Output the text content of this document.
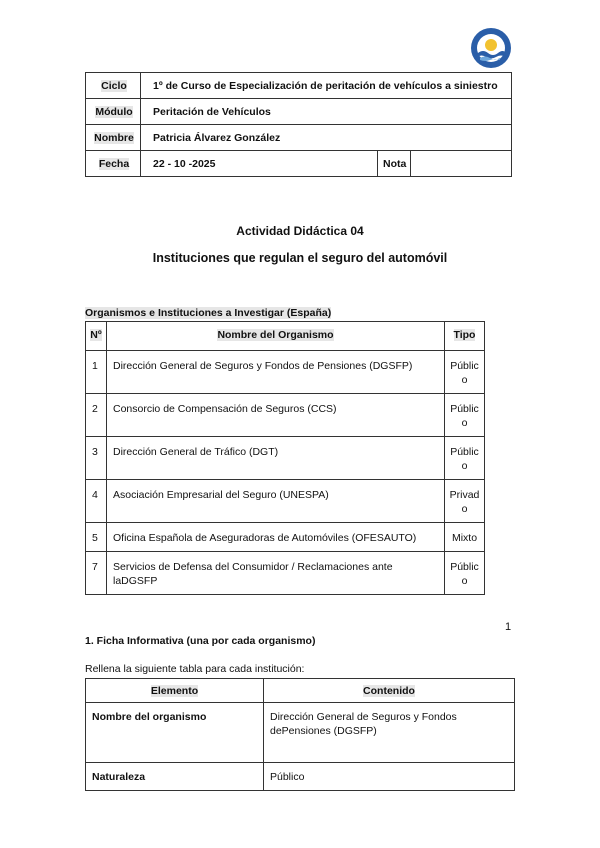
Ciclo	1º de Curso de Especialización de peritación de vehículos a siniestro		
Módulo	Peritación de Vehículos		
Nombre	Patricia Álvarez González		
Fecha	22 - 10 -2025	Nota	
Actividad Didáctica 04
Instituciones que regulan el seguro del automóvil
Organismos e Instituciones a Investigar (España)
Nº	Nombre del Organismo	Tipo
1	Dirección General de Seguros y Fondos de Pensiones (DGSFP)	Público
2	Consorcio de Compensación de Seguros (CCS)	Público
3	Dirección General de Tráfico (DGT)	Público
4	Asociación Empresarial del Seguro (UNESPA)	Privado
5	Oficina Española de Aseguradoras de Automóviles (OFESAUTO)	Mixto
7	Servicios de Defensa del Consumidor / Reclamaciones ante laDGSFP	Público
1
1. Ficha Informativa (una por cada organismo)
Rellena la siguiente tabla para cada institución:
Elemento	Contenido
Nombre del organismo	Dirección General de Seguros y Fondos dePensiones (DGSFP)
Naturaleza	Público
